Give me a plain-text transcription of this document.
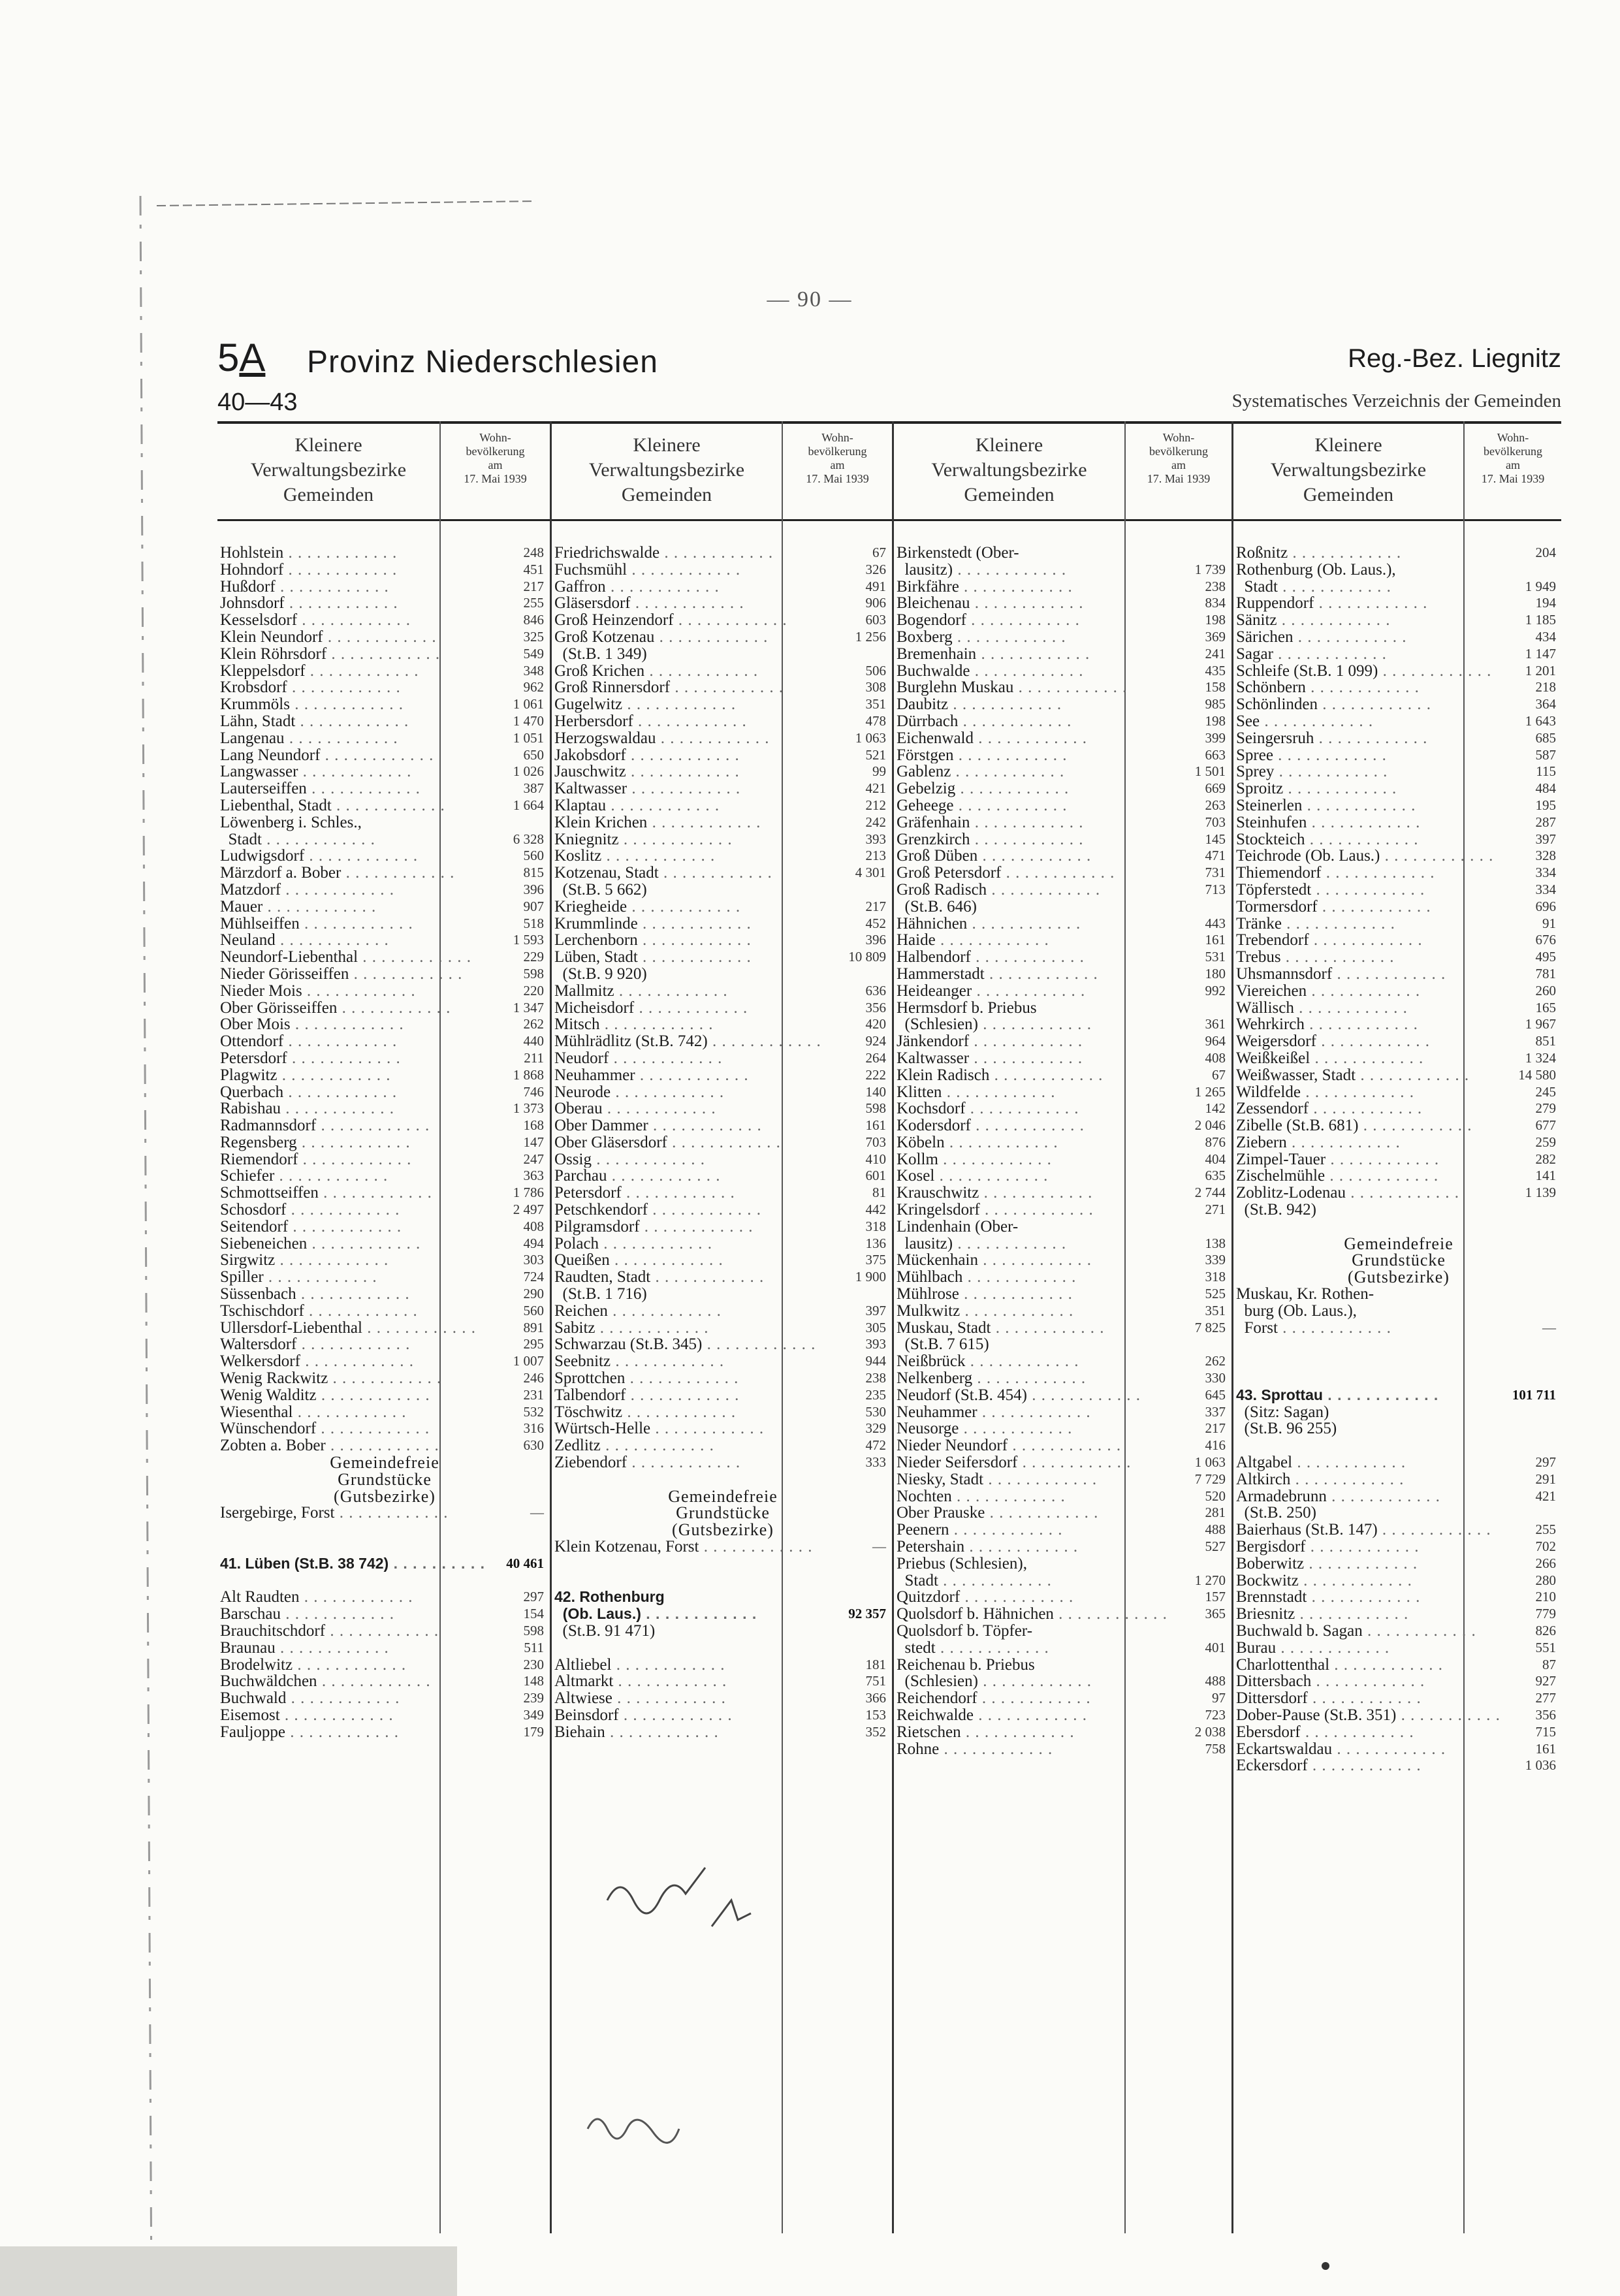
— 90 —
5A Provinz Niederschlesien	Reg.-Bez. Liegnitz
40—43	Systematisches Verzeichnis der Gemeinden
Kleinere
Verwaltungsbezirke
Gemeinden
Wohn-
bevölkerung
am
17. Mai 1939
Kleinere
Verwaltungsbezirke
Gemeinden
Wohn-
bevölkerung
am
17. Mai 1939
Kleinere
Verwaltungsbezirke
Gemeinden
Wohn-
bevölkerung
am
17. Mai 1939
Kleinere
Verwaltungsbezirke
Gemeinden
Wohn-
bevölkerung
am
17. Mai 1939
Hohlstein . . .	248
Hohndorf . . .	451
Hußdorf . . .	217
Johnsdorf . . .	255
Kesselsdorf . . .	846
Klein Neundorf . . .	325
Klein Röhrsdorf . . .	549
Kleppelsdorf . . .	348
Krobsdorf . . .	962
Krummöls . . .	1 061
Lähn, Stadt . . .	1 470
Langenau . . .	1 051
Lang Neundorf . . .	650
Langwasser . . .	1 026
Lauterseiffen . . .	387
Liebenthal, Stadt . . .	1 664
Löwenberg i. Schles.,
Stadt . . .	6 328
Ludwigsdorf . . .	560
Märzdorf a. Bober . . .	815
Matzdorf . . .	396
Mauer . . .	907
Mühlseiffen . . .	518
Neuland . . .	1 593
Neundorf-Liebenthal . . .	229
Nieder Görisseiffen . . .	598
Nieder Mois . . .	220
Ober Görisseiffen . . .	1 347
Ober Mois . . .	262
Ottendorf . . .	440
Petersdorf . . .	211
Plagwitz . . .	1 868
Querbach . . .	746
Rabishau . . .	1 373
Radmannsdorf . . .	168
Regensberg . . .	147
Riemendorf . . .	247
Schiefer . . .	363
Schmottseiffen . . .	1 786
Schosdorf . . .	2 497
Seitendorf . . .	408
Siebeneichen . . .	494
Sirgwitz . . .	303
Spiller . . .	724
Süssenbach . . .	290
Tschischdorf . . .	560
Ullersdorf-Liebenthal . . .	891
Waltersdorf . . .	295
Welkersdorf . . .	1 007
Wenig Rackwitz . . .	246
Wenig Walditz . . .	231
Wiesenthal . . .	532
Wünschendorf . . .	316
Zobten a. Bober . . .	630
Gemeindefreie
Grundstücke
(Gutsbezirke)
Isergebirge, Forst . . .	—
41. Lüben (St.B. 38 742) . . .	40 461
Alt Raudten . . .	297
Barschau . . .	154
Brauchitschdorf . . .	598
Braunau . . .	511
Brodelwitz . . .	230
Buchwäldchen . . .	148
Buchwald . . .	239
Eisemost . . .	349
Fauljoppe . . .	179
Friedrichswalde . . .	67
Fuchsmühl . . .	326
Gaffron . . .	491
Gläsersdorf . . .	906
Groß Heinzendorf . . .	603
Groß Kotzenau . . .	1 256
(St.B. 1 349)
Groß Krichen . . .	506
Groß Rinnersdorf . . .	308
Gugelwitz . . .	351
Herbersdorf . . .	478
Herzogswaldau . . .	1 063
Jakobsdorf . . .	521
Jauschwitz . . .	99
Kaltwasser . . .	421
Klaptau . . .	212
Klein Krichen . . .	242
Kniegnitz . . .	393
Koslitz . . .	213
Kotzenau, Stadt . . .	4 301
(St.B. 5 662)
Kriegheide . . .	217
Krummlinde . . .	452
Lerchenborn . . .	396
Lüben, Stadt . . .	10 809
(St.B. 9 920)
Mallmitz . . .	636
Micheisdorf . . .	356
Mitsch . . .	420
Mühlrädlitz (St.B. 742) . . .	924
Neudorf . . .	264
Neuhammer . . .	222
Neurode . . .	140
Oberau . . .	598
Ober Dammer . . .	161
Ober Gläsersdorf . . .	703
Ossig . . .	410
Parchau . . .	601
Petersdorf . . .	81
Petschkendorf . . .	442
Pilgramsdorf . . .	318
Polach . . .	136
Queißen . . .	375
Raudten, Stadt . . .	1 900
(St.B. 1 716)
Reichen . . .	397
Sabitz . . .	305
Schwarzau (St.B. 345) . . .	393
Seebnitz . . .	944
Sprottchen . . .	238
Talbendorf . . .	235
Töschwitz . . .	530
Würtsch-Helle . . .	329
Zedlitz . . .	472
Ziebendorf . . .	333
Gemeindefreie
Grundstücke
(Gutsbezirke)
Klein Kotzenau, Forst . . .	—
42. Rothenburg
(Ob. Laus.) . . .	92 357
(St.B. 91 471)
Altliebel . . .	181
Altmarkt . . .	751
Altwiese . . .	366
Beinsdorf . . .	153
Biehain . . .	352
Birkenstedt (Ober-
lausitz) . . .	1 739
Birkfähre . . .	238
Bleichenau . . .	834
Bogendorf . . .	198
Boxberg . . .	369
Bremenhain . . .	241
Buchwalde . . .	435
Burglehn Muskau . . .	158
Daubitz . . .	985
Dürrbach . . .	198
Eichenwald . . .	399
Förstgen . . .	663
Gablenz . . .	1 501
Gebelzig . . .	669
Geheege . . .	263
Gräfenhain . . .	703
Grenzkirch . . .	145
Groß Düben . . .	471
Groß Petersdorf . . .	731
Groß Radisch . . .	713
(St.B. 646)
Hähnichen . . .	443
Haide . . .	161
Halbendorf . . .	531
Hammerstadt . . .	180
Heideanger . . .	992
Hermsdorf b. Priebus
(Schlesien) . . .	361
Jänkendorf . . .	964
Kaltwasser . . .	408
Klein Radisch . . .	67
Klitten . . .	1 265
Kochsdorf . . .	142
Kodersdorf . . .	2 046
Köbeln . . .	876
Kollm . . .	404
Kosel . . .	635
Krauschwitz . . .	2 744
Kringelsdorf . . .	271
Lindenhain (Ober-
lausitz) . . .	138
Mückenhain . . .	339
Mühlbach . . .	318
Mühlrose . . .	525
Mulkwitz . . .	351
Muskau, Stadt . . .	7 825
(St.B. 7 615)
Neißbrück . . .	262
Nelkenberg . . .	330
Neudorf (St.B. 454) . . .	645
Neuhammer . . .	337
Neusorge . . .	217
Nieder Neundorf . . .	416
Nieder Seifersdorf . . .	1 063
Niesky, Stadt . . .	7 729
Nochten . . .	520
Ober Prauske . . .	281
Peenern . . .	488
Petershain . . .	527
Priebus (Schlesien),
Stadt . . .	1 270
Quitzdorf . . .	157
Quolsdorf b. Hähnichen . . .	365
Quolsdorf b. Töpfer-
stedt . . .	401
Reichenau b. Priebus
(Schlesien) . . .	488
Reichendorf . . .	97
Reichwalde . . .	723
Rietschen . . .	2 038
Rohne . . .	758
Roßnitz . . .	204
Rothenburg (Ob. Laus.),
Stadt . . .	1 949
Ruppendorf . . .	194
Sänitz . . .	1 185
Särichen . . .	434
Sagar . . .	1 147
Schleife (St.B. 1 099) . . .	1 201
Schönbern . . .	218
Schönlinden . . .	364
See . . .	1 643
Seingersruh . . .	685
Spree . . .	587
Sprey . . .	115
Sproitz . . .	484
Steinerlen . . .	195
Steinhufen . . .	287
Stockteich . . .	397
Teichrode (Ob. Laus.) . . .	328
Thiemendorf . . .	334
Töpferstedt . . .	334
Tormersdorf . . .	696
Tränke . . .	91
Trebendorf . . .	676
Trebus . . .	495
Uhsmannsdorf . . .	781
Viereichen . . .	260
Wällisch . . .	165
Wehrkirch . . .	1 967
Weigersdorf . . .	851
Weißkeißel . . .	1 324
Weißwasser, Stadt . . .	14 580
Wildfelde . . .	245
Zessendorf . . .	279
Zibelle (St.B. 681) . . .	677
Ziebern . . .	259
Zimpel-Tauer . . .	282
Zischelmühle . . .	141
Zoblitz-Lodenau . . .	1 139
(St.B. 942)
Gemeindefreie
Grundstücke
(Gutsbezirke)
Muskau, Kr. Rothen-
burg (Ob. Laus.),
Forst . . .	—
43. Sprottau . . .	101 711
(Sitz: Sagan)
(St.B. 96 255)
Altgabel . . .	297
Altkirch . . .	291
Armadebrunn . . .	421
(St.B. 250)
Baierhaus (St.B. 147) . . .	255
Bergisdorf . . .	702
Boberwitz . . .	266
Bockwitz . . .	280
Brennstadt . . .	210
Briesnitz . . .	779
Buchwald b. Sagan . . .	826
Burau . . .	551
Charlottenthal . . .	87
Dittersbach . . .	927
Dittersdorf . . .	277
Dober-Pause (St.B. 351) . . .	356
Ebersdorf . . .	715
Eckartswaldau . . .	161
Eckersdorf . . .	1 036
